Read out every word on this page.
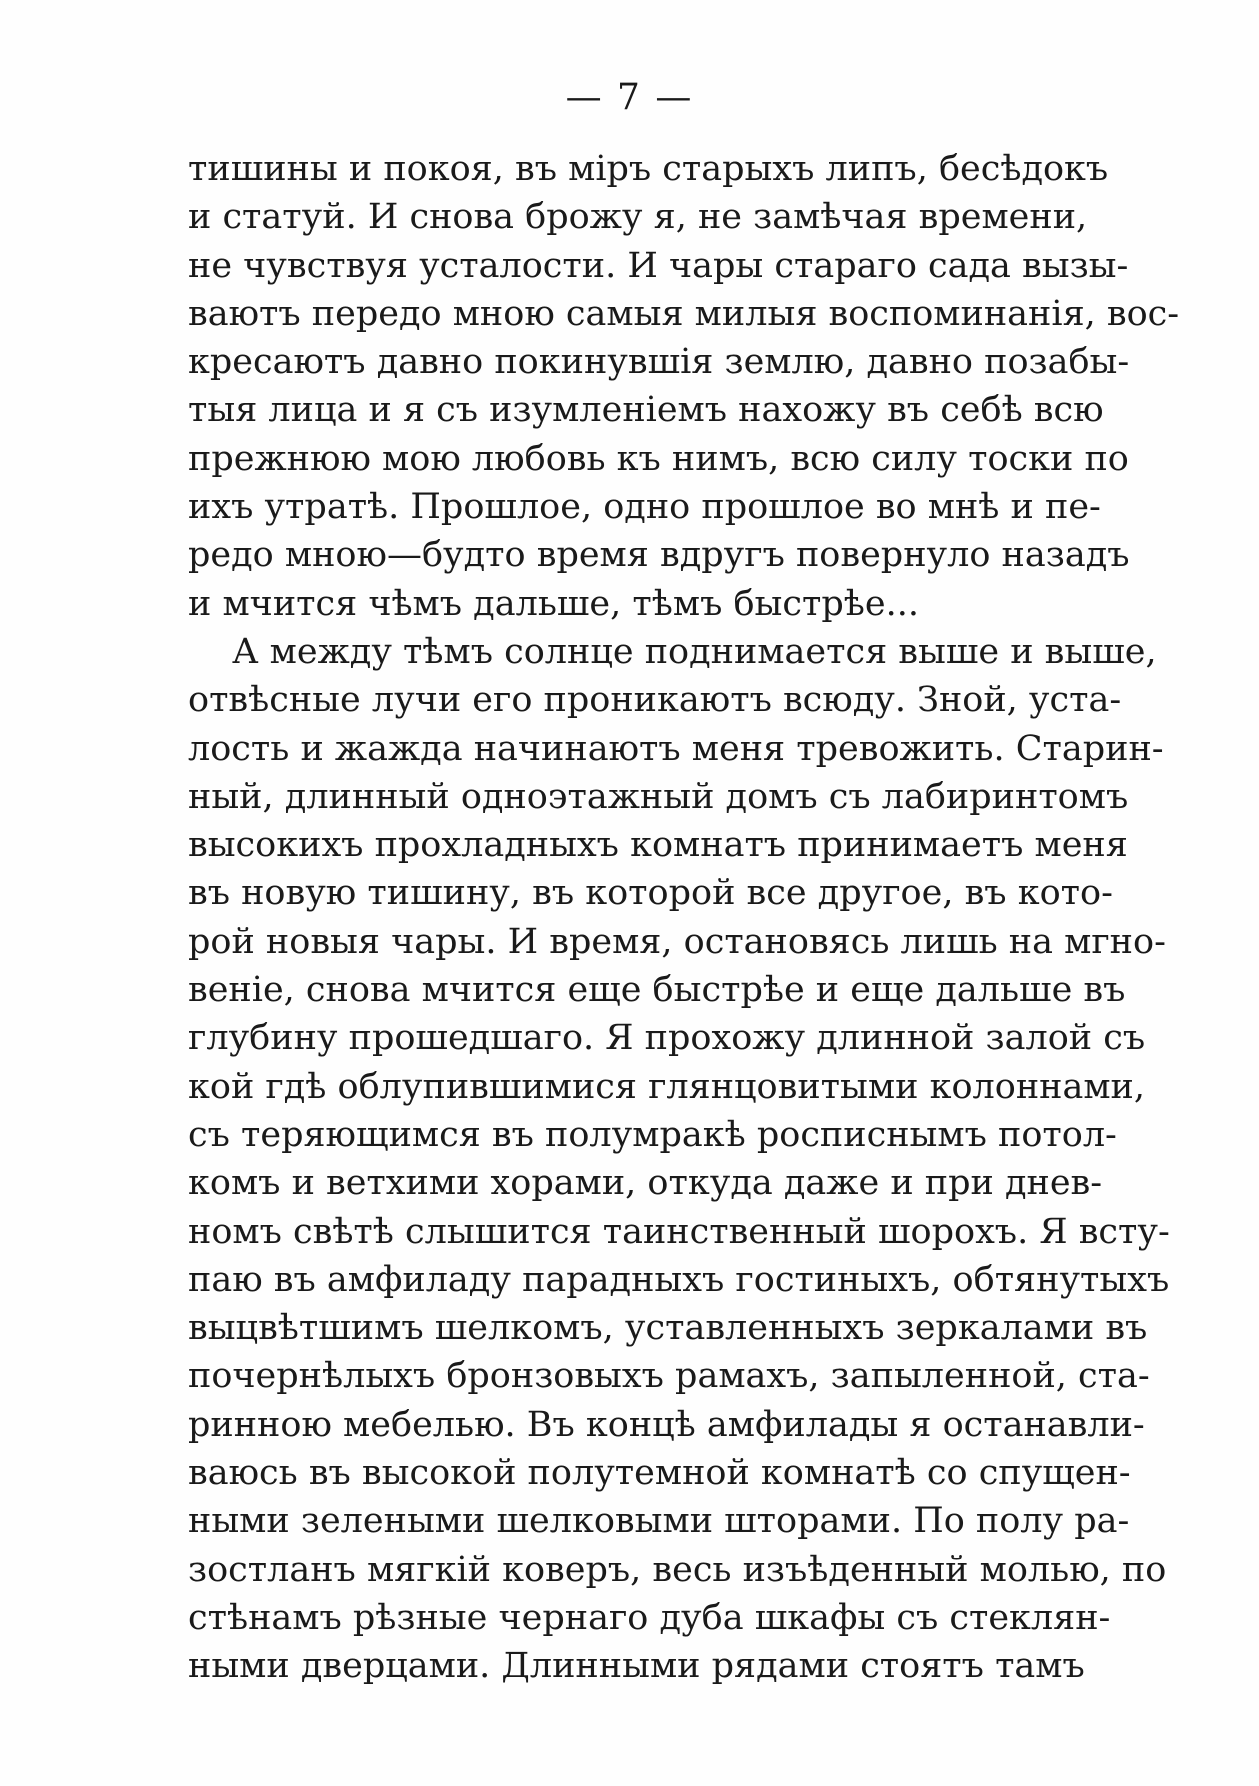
— 7 —
тишины и покоя, въ міръ старыхъ липъ, бесѣдокъ
и статуй. И снова брожу я, не замѣчая времени,
не чувствуя усталости. И чары стараго сада вызы-
ваютъ передо мною самыя милыя воспоминанія, вос-
кресаютъ давно покинувшія землю, давно позабы-
тыя лица и я съ изумленіемъ нахожу въ себѣ всю
прежнюю мою любовь къ нимъ, всю силу тоски по
ихъ утратѣ. Прошлое, одно прошлое во мнѣ и пе-
редо мною—будто время вдругъ повернуло назадъ
и мчится чѣмъ дальше, тѣмъ быстрѣе...
А между тѣмъ солнце поднимается выше и выше,
отвѣсные лучи его проникаютъ всюду. Зной, уста-
лость и жажда начинаютъ меня тревожить. Старин-
ный, длинный одноэтажный домъ съ лабиринтомъ
высокихъ прохладныхъ комнатъ принимаетъ меня
въ новую тишину, въ которой все другое, въ кото-
рой новыя чары. И время, остановясь лишь на мгно-
веніе, снова мчится еще быстрѣе и еще дальше въ
глубину прошедшаго. Я прохожу длинной залой съ
кой гдѣ облупившимися глянцовитыми колоннами,
съ теряющимся въ полумракѣ росписнымъ потол-
комъ и ветхими хорами, откуда даже и при днев-
номъ свѣтѣ слышится таинственный шорохъ. Я всту-
паю въ амфиладу парадныхъ гостиныхъ, обтянутыхъ
выцвѣтшимъ шелкомъ, уставленныхъ зеркалами въ
почернѣлыхъ бронзовыхъ рамахъ, запыленной, ста-
ринною мебелью. Въ концѣ амфилады я останавли-
ваюсь въ высокой полутемной комнатѣ со спущен-
ными зелеными шелковыми шторами. По полу ра-
зостланъ мягкій коверъ, весь изъѣденный молью, по
стѣнамъ рѣзные чернаго дуба шкафы съ стеклян-
ными дверцами. Длинными рядами стоятъ тамъ
